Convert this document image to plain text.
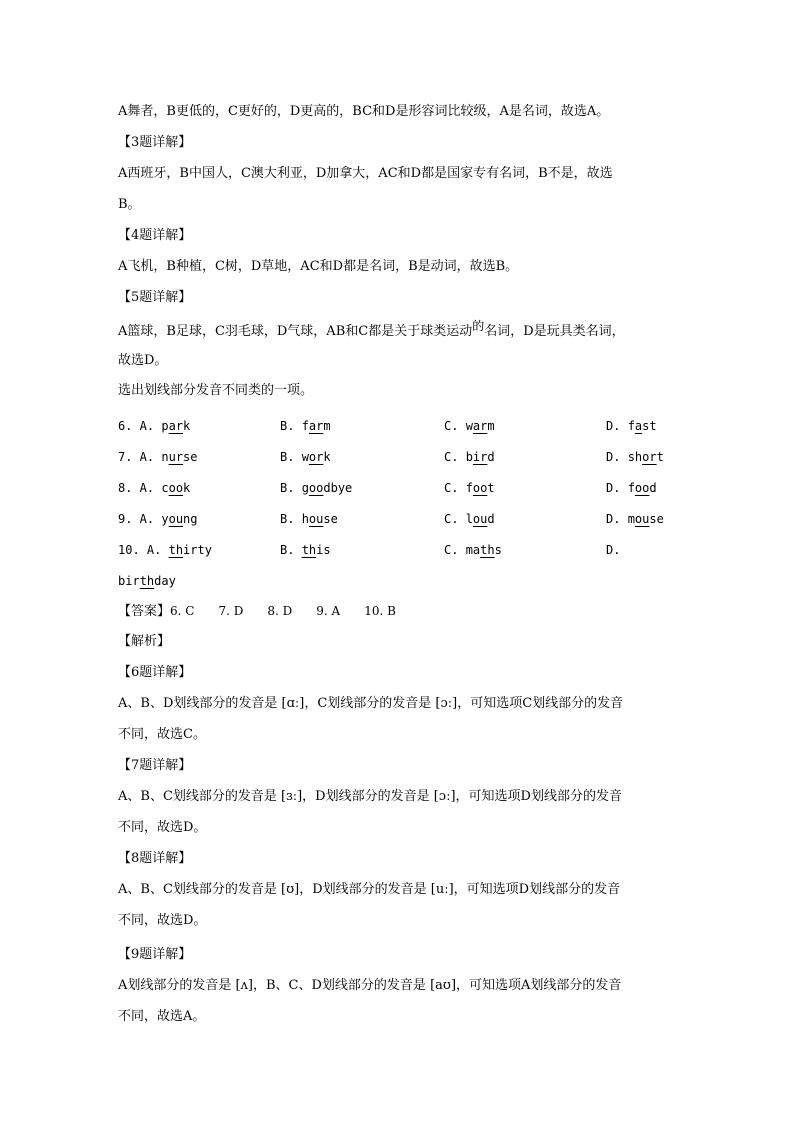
A舞者，B更低的，C更好的，D更高的，BC和D是形容词比较级，A是名词，故选A。
【3题详解】
A西班牙，B中国人，C澳大利亚，D加拿大，AC和D都是国家专有名词，B不是，故选
B。
【4题详解】
A飞机，B种植，C树，D草地，AC和D都是名词，B是动词，故选B。
【5题详解】
A篮球，B足球，C羽毛球，D气球，AB和C都是关于球类运动的名词，D是玩具类名词，
故选D。
选出划线部分发音不同类的一项。
6. A. park	B. farm	C. warm	D. fast
7. A. nurse	B. work	C. bird	D. short
8. A. cook	B. goodbye	C. foot	D. food
9. A. young	B. house	C. loud	D. mouse
10. A. thirty	B. this	C. maths	D.
birthday
【答案】6. C 7. D 8. D 9. A 10. B
【解析】
【6题详解】
A、B、D划线部分的发音是 [ɑː]，C划线部分的发音是 [ɔː]，可知选项C划线部分的发音
不同，故选C。
【7题详解】
A、B、C划线部分的发音是 [ɜː]，D划线部分的发音是 [ɔː]，可知选项D划线部分的发音
不同，故选D。
【8题详解】
A、B、C划线部分的发音是 [ʊ]，D划线部分的发音是 [uː]，可知选项D划线部分的发音
不同，故选D。
【9题详解】
A划线部分的发音是 [ʌ]，B、C、D划线部分的发音是 [aʊ]，可知选项A划线部分的发音
不同，故选A。
